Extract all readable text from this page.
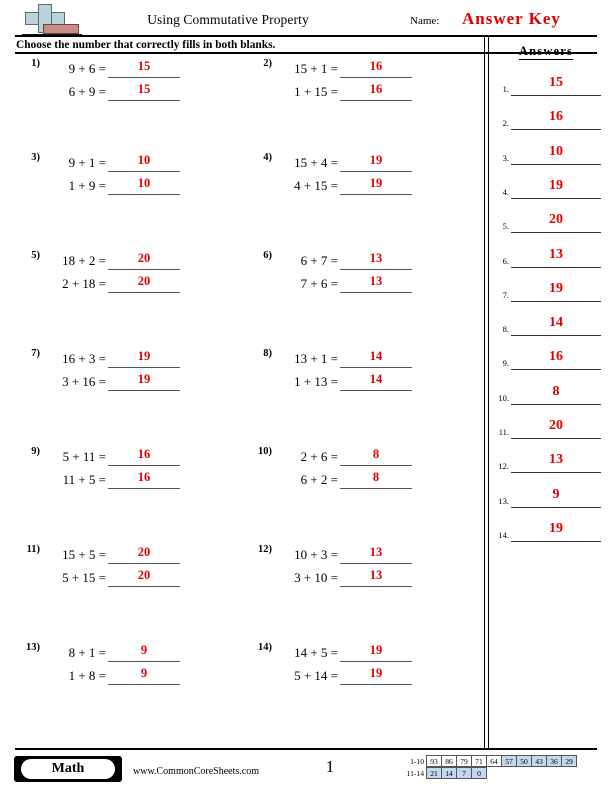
Using Commutative Property	Name: Answer Key
Choose the number that correctly fills in both blanks.
1)	9 + 6 =	15
6 + 9 =	15
2)	15 + 1 =	16
1 + 15 =	16
3)	9 + 1 =	10
1 + 9 =	10
4)	15 + 4 =	19
4 + 15 =	19
5)	18 + 2 =	20
2 + 18 =	20
6)	6 + 7 =	13
7 + 6 =	13
7)	16 + 3 =	19
3 + 16 =	19
8)	13 + 1 =	14
1 + 13 =	14
9)	5 + 11 =	16
11 + 5 =	16
10)	2 + 6 =	8
6 + 2 =	8
11)	15 + 5 =	20
5 + 15 =	20
12)	10 + 3 =	13
3 + 10 =	13
13)	8 + 1 =	9
1 + 8 =	9
14)	14 + 5 =	19
5 + 14 =	19
Answers
1.	15
2.	16
3.	10
4.	19
5.	20
6.	13
7.	19
8.	14
9.	16
10.	8
11.	20
12.	13
13.	9
14.	19
Math	www.CommonCoreSheets.com	1	1-10 93 86 79 71 64 57 50 43 36 29
11-14 21 14	7	0
